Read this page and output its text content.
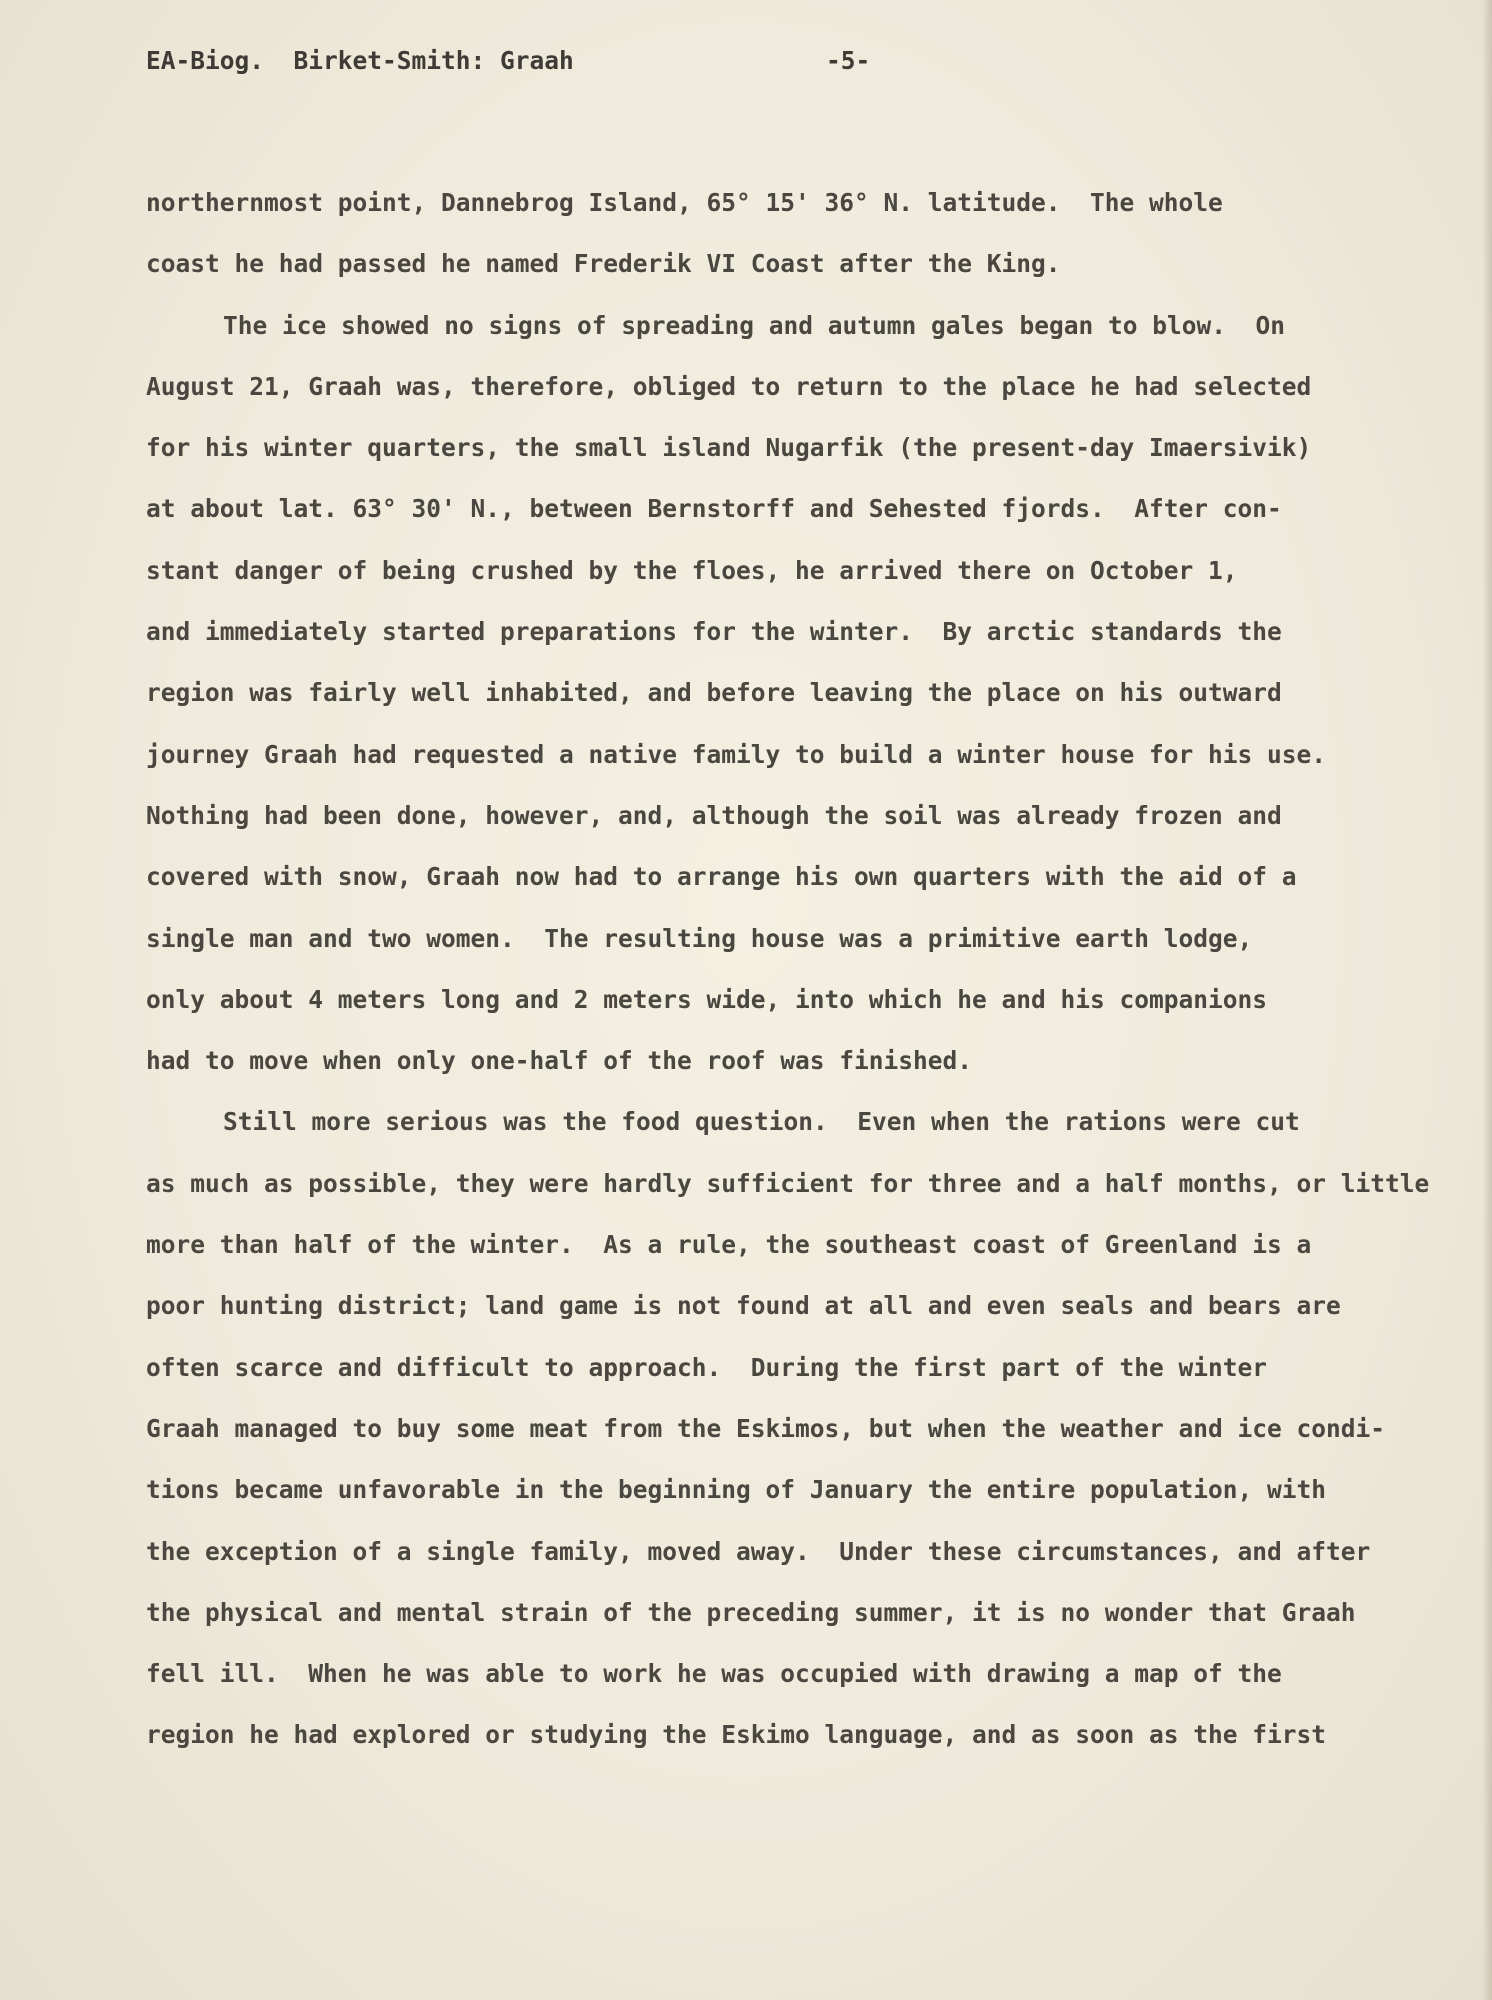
EA-Biog.  Birket-Smith: Graah

	-5-

northernmost point, Dannebrog Island, 65° 15' 36° N. latitude.  The whole
coast he had passed he named Frederik VI Coast after the King.
The ice showed no signs of spreading and autumn gales began to blow.  On
August 21, Graah was, therefore, obliged to return to the place he had selected
for his winter quarters, the small island Nugarfik (the present-day Imaersivik)
at about lat. 63° 30' N., between Bernstorff and Sehested fjords.  After con-
stant danger of being crushed by the floes, he arrived there on October 1,
and immediately started preparations for the winter.  By arctic standards the
region was fairly well inhabited, and before leaving the place on his outward
journey Graah had requested a native family to build a winter house for his use.
Nothing had been done, however, and, although the soil was already frozen and
covered with snow, Graah now had to arrange his own quarters with the aid of a
single man and two women.  The resulting house was a primitive earth lodge,
only about 4 meters long and 2 meters wide, into which he and his companions
had to move when only one-half of the roof was finished.
Still more serious was the food question.  Even when the rations were cut
as much as possible, they were hardly sufficient for three and a half months, or little
more than half of the winter.  As a rule, the southeast coast of Greenland is a
poor hunting district; land game is not found at all and even seals and bears are
often scarce and difficult to approach.  During the first part of the winter
Graah managed to buy some meat from the Eskimos, but when the weather and ice condi-
tions became unfavorable in the beginning of January the entire population, with
the exception of a single family, moved away.  Under these circumstances, and after
the physical and mental strain of the preceding summer, it is no wonder that Graah
fell ill.  When he was able to work he was occupied with drawing a map of the
region he had explored or studying the Eskimo language, and as soon as the first
